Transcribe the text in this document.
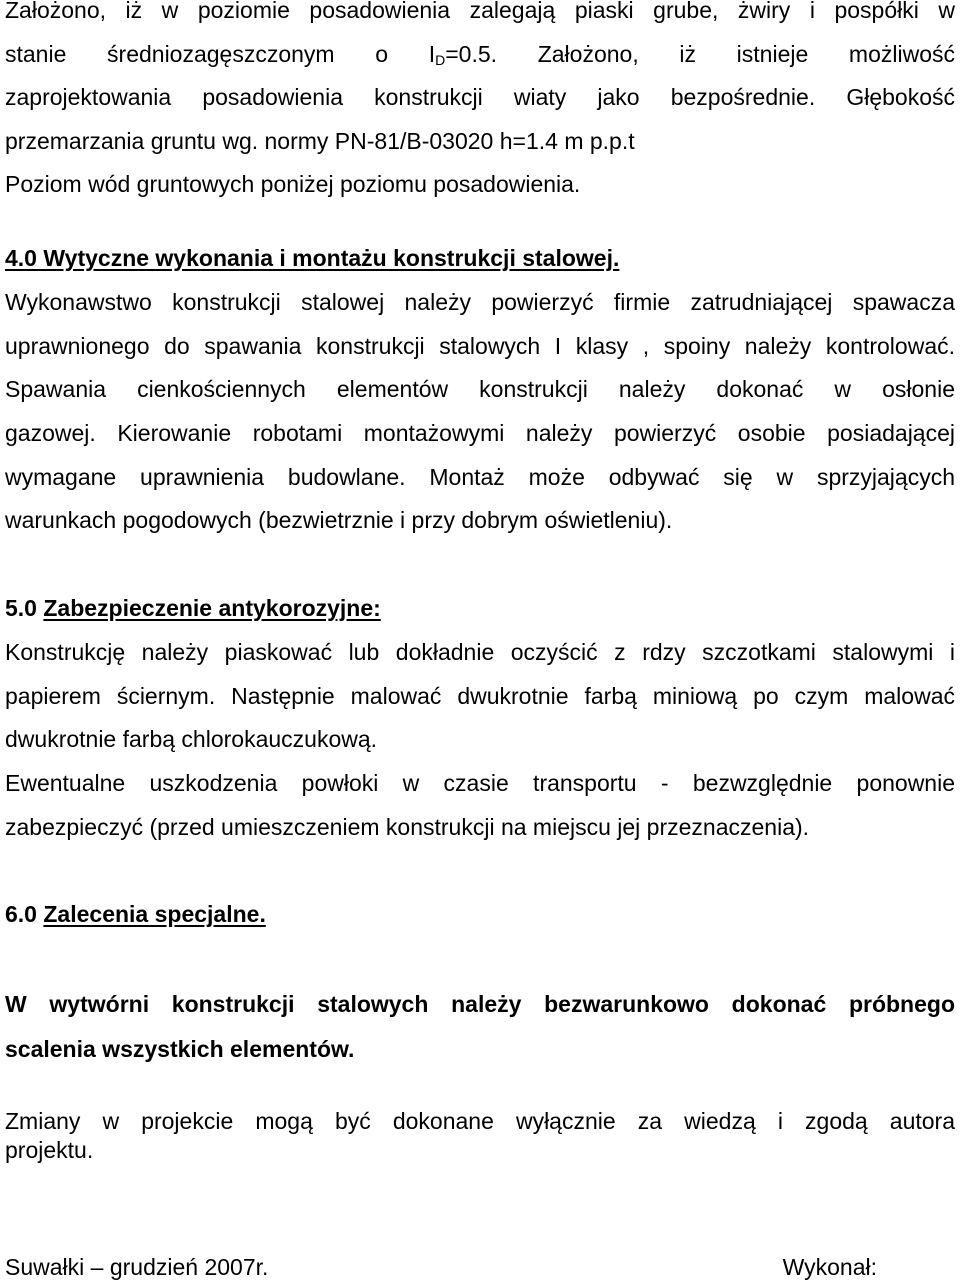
Założono, iż w poziomie posadowienia zalegają piaski grube, żwiry i pospółki w
stanie średniozagęszczonym o $I_D=0.5$. Założono, iż istnieje możliwość
zaprojektowania posadowienia konstrukcji wiaty jako bezpośrednie. Głębokość
przemarzania gruntu wg. normy PN-81/B-03020 h=1.4 m p.p.t
Poziom wód gruntowych poniżej poziomu posadowienia.
4.0 Wytyczne wykonania i montażu konstrukcji stalowej.
Wykonawstwo konstrukcji stalowej należy powierzyć firmie zatrudniającej spawacza
uprawnionego do spawania konstrukcji stalowych I klasy , spoiny należy kontrolować.
Spawania cienkościennych elementów konstrukcji należy dokonać w osłonie
gazowej. Kierowanie robotami montażowymi należy powierzyć osobie posiadającej
wymagane uprawnienia budowlane. Montaż może odbywać się w sprzyjających
warunkach pogodowych (bezwietrznie i przy dobrym oświetleniu).
5.0 Zabezpieczenie antykorozyjne:
Konstrukcję należy piaskować lub dokładnie oczyścić z rdzy szczotkami stalowymi i
papierem ściernym. Następnie malować dwukrotnie farbą miniową po czym malować
dwukrotnie farbą chlorokauczukową.
Ewentualne uszkodzenia powłoki w czasie transportu - bezwzględnie ponownie
zabezpieczyć (przed umieszczeniem konstrukcji na miejscu jej przeznaczenia).
6.0 Zalecenia specjalne.
W wytwórni konstrukcji stalowych należy bezwarunkowo dokonać próbnego
scalenia wszystkich elementów.
Zmiany w projekcie mogą być dokonane wyłącznie za wiedzą i zgodą autora
projektu.
Suwałki – grudzień 2007r.	Wykonał:
